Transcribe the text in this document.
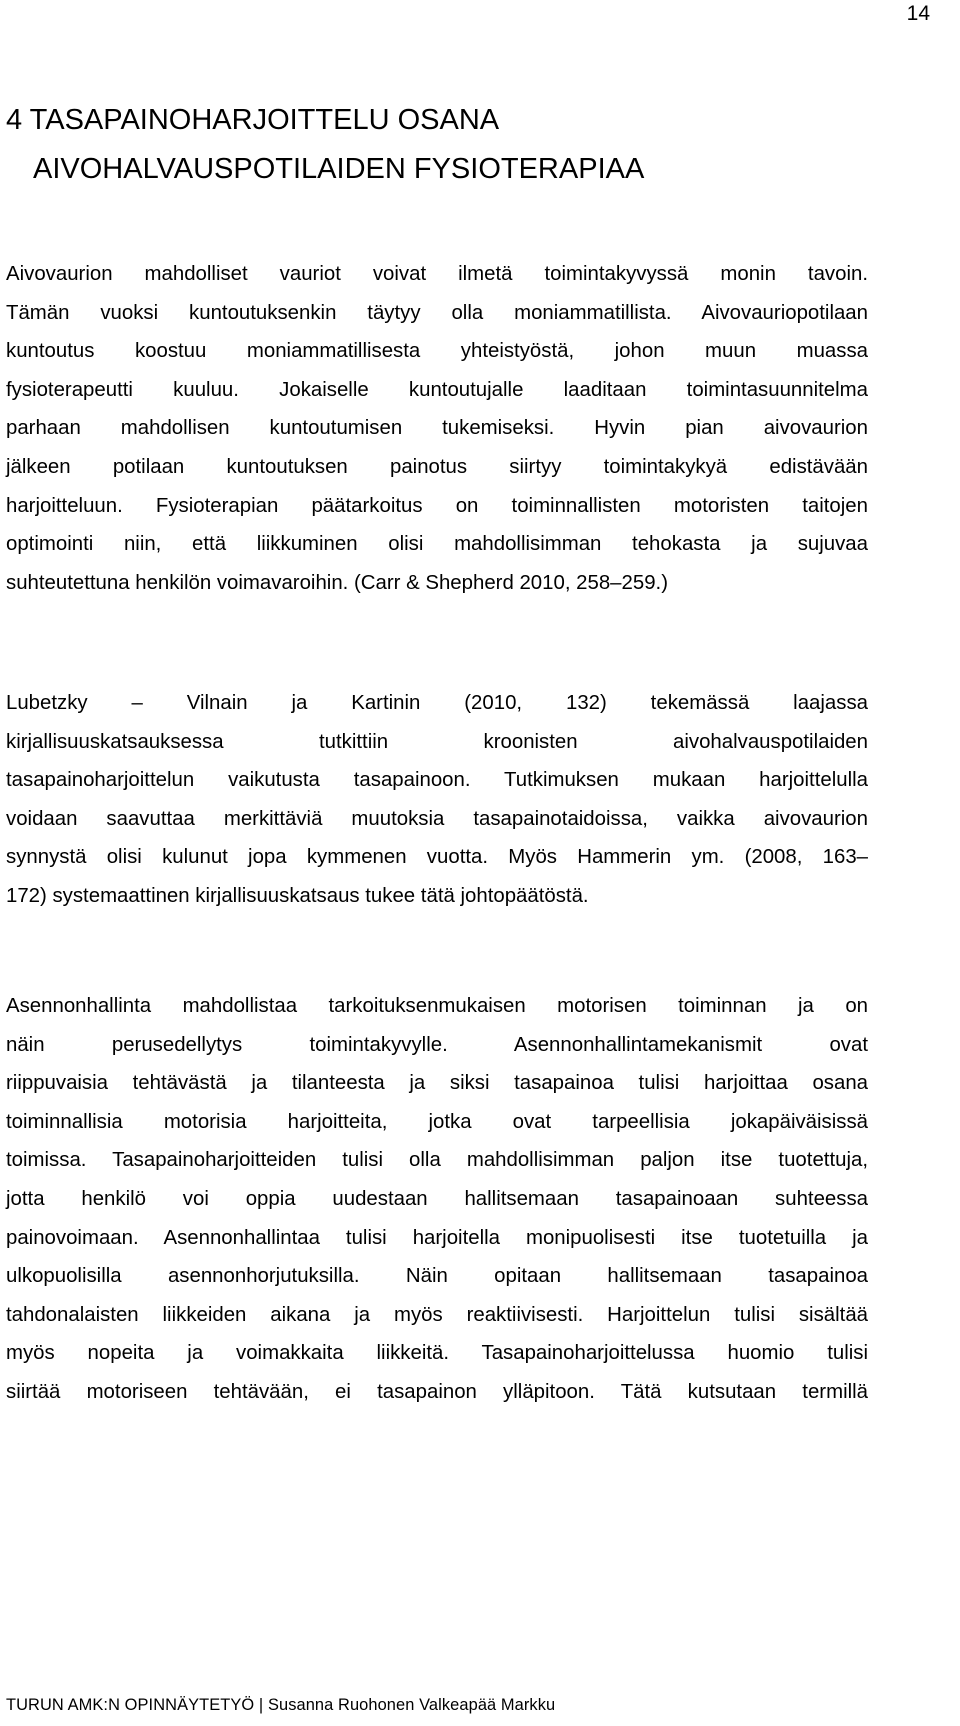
14
4 TASAPAINOHARJOITTELU OSANA
AIVOHALVAUSPOTILAIDEN FYSIOTERAPIAA

Aivovaurion mahdolliset vauriot voivat ilmetä toimintakyvyssä monin tavoin.
Tämän vuoksi kuntoutuksenkin täytyy olla moniammatillista. Aivovauriopotilaan
kuntoutus koostuu moniammatillisesta yhteistyöstä, johon muun muassa
fysioterapeutti kuuluu. Jokaiselle kuntoutujalle laaditaan toimintasuunnitelma
parhaan mahdollisen kuntoutumisen tukemiseksi. Hyvin pian aivovaurion
jälkeen potilaan kuntoutuksen painotus siirtyy toimintakykyä edistävään
harjoitteluun. Fysioterapian päätarkoitus on toiminnallisten motoristen taitojen
optimointi niin, että liikkuminen olisi mahdollisimman tehokasta ja sujuvaa
suhteutettuna henkilön voimavaroihin. (Carr & Shepherd 2010, 258–259.)

Lubetzky – Vilnain ja Kartinin (2010, 132) tekemässä laajassa
kirjallisuuskatsauksessa tutkittiin kroonisten aivohalvauspotilaiden
tasapainoharjoittelun vaikutusta tasapainoon. Tutkimuksen mukaan harjoittelulla
voidaan saavuttaa merkittäviä muutoksia tasapainotaidoissa, vaikka aivovaurion
synnystä olisi kulunut jopa kymmenen vuotta. Myös Hammerin ym. (2008, 163–
172) systemaattinen kirjallisuuskatsaus tukee tätä johtopäätöstä.

Asennonhallinta mahdollistaa tarkoituksenmukaisen motorisen toiminnan ja on
näin perusedellytys toimintakyvylle. Asennonhallintamekanismit ovat
riippuvaisia tehtävästä ja tilanteesta ja siksi tasapainoa tulisi harjoittaa osana
toiminnallisia motorisia harjoitteita, jotka ovat tarpeellisia jokapäiväisissä
toimissa. Tasapainoharjoitteiden tulisi olla mahdollisimman paljon itse tuotettuja,
jotta henkilö voi oppia uudestaan hallitsemaan tasapainoaan suhteessa
painovoimaan. Asennonhallintaa tulisi harjoitella monipuolisesti itse tuotetuilla ja
ulkopuolisilla asennonhorjutuksilla. Näin opitaan hallitsemaan tasapainoa
tahdonalaisten liikkeiden aikana ja myös reaktiivisesti. Harjoittelun tulisi sisältää
myös nopeita ja voimakkaita liikkeitä. Tasapainoharjoittelussa huomio tulisi
siirtää motoriseen tehtävään, ei tasapainon ylläpitoon. Tätä kutsutaan termillä

TURUN AMK:N OPINNÄYTETYÖ | Susanna Ruohonen Valkeapää Markku
